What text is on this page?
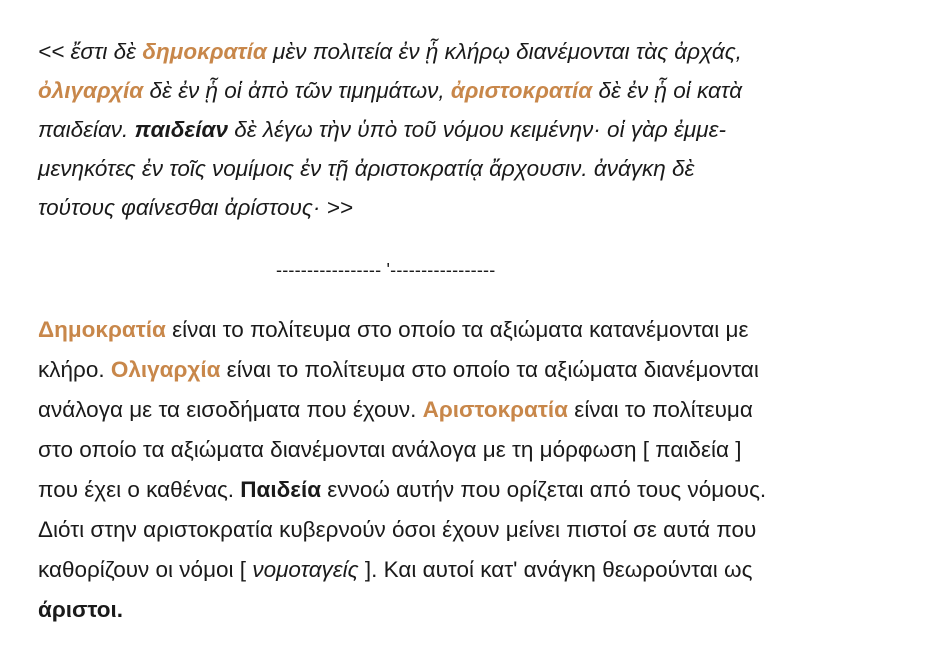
<< ἔστι δὲ δημοκρατία μὲν πολιτεία ἐν ᾗ κλήρῳ διανέμονται τὰς ἀρχάς,
ὀλιγαρχία δὲ ἐν ᾗ οἱ ἀπὸ τῶν τιμημάτων, ἀριστοκρατία δὲ ἐν ᾗ οἱ κατὰ
παιδείαν. παιδείαν δὲ λέγω τὴν ὑπὸ τοῦ νόμου κειμένην· οἱ γὰρ ἐμμε-
μενηκότες ἐν τοῖς νομίμοις ἐν τῇ ἀριστοκρατίᾳ ἄρχουσιν. ἀνάγκη δὲ
τούτους φαίνεσθαι ἀρίστους· >>
----------------- '-----------------
Δημοκρατία είναι το πολίτευμα στο οποίο τα αξιώματα κατανέμονται με
κλήρο. Ολιγαρχία είναι το πολίτευμα στο οποίο τα αξιώματα διανέμονται
ανάλογα με τα εισοδήματα που έχουν. Αριστοκρατία είναι το πολίτευμα
στο οποίο τα αξιώματα διανέμονται ανάλογα με τη μόρφωση [ παιδεία ]
που έχει ο καθένας. Παιδεία εννοώ αυτήν που ορίζεται από τους νόμους.
Διότι στην αριστοκρατία κυβερνούν όσοι έχουν μείνει πιστοί σε αυτά που
καθορίζουν οι νόμοι [ νομοταγείς ]. Και αυτοί κατ' ανάγκη θεωρούνται ως
άριστοι.
